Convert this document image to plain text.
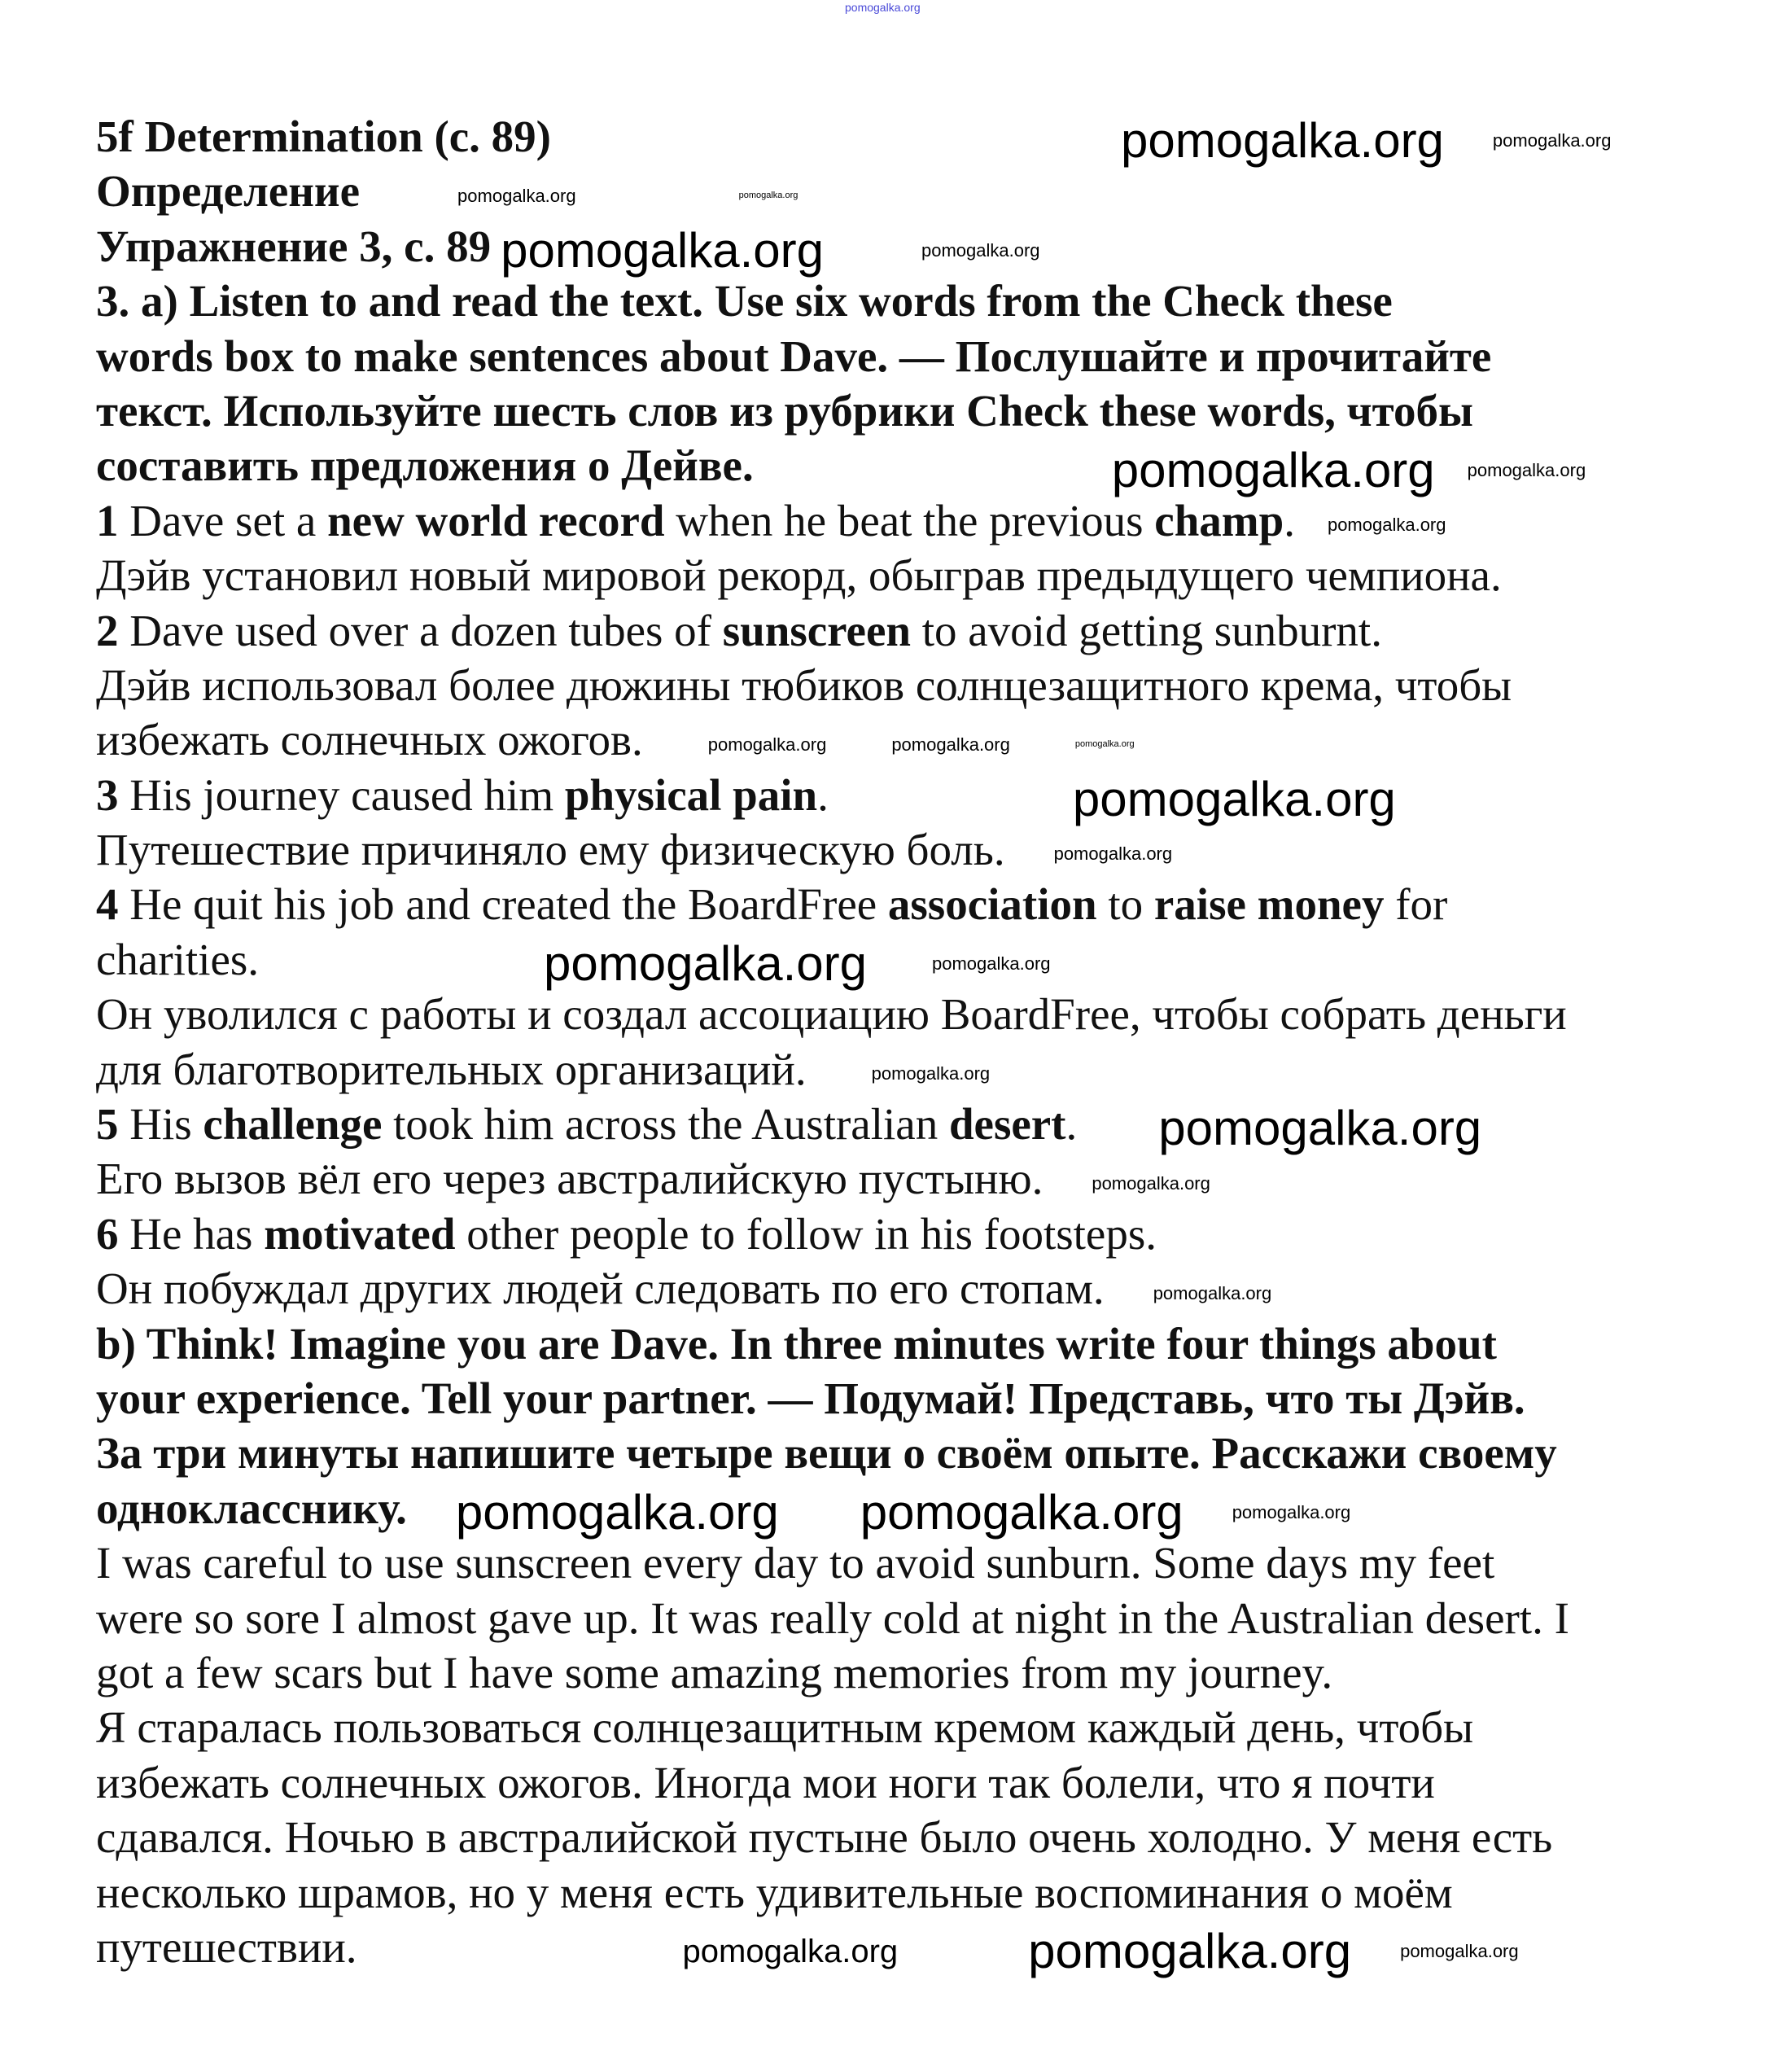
5f Determination (с. 89)	pomogalka.org	pomogalka.org
Определение	pomogalka.org	pomogalka.org
Упражнение 3, с. 89 pomogalka.org	pomogalka.org
3. a) Listen to and read the text. Use six words from the Check these
words box to make sentences about Dave. — Послушайте и прочитайте
текст. Используйте шесть слов из рубрики Check these words, чтобы
составить предложения о Дейве.	pomogalka.org pomogalka.org
1 Dave set a new world record when he beat the previous champ. pomogalka.org
Дэйв установил новый мировой рекорд, обыграв предыдущего чемпиона.
2 Dave used over a dozen tubes of sunscreen to avoid getting sunburnt.
Дэйв использовал более дюжины тюбиков солнцезащитного крема, чтобы
избежать солнечных ожогов.	pomogalka.org	pomogalka.org	pomogalka.org
3 His journey caused him physical pain.	pomogalka.org
Путешествие причиняло ему физическую боль.	pomogalka.org
4 He quit his job and created the BoardFree association to raise money for
charities.	pomogalka.org	pomogalka.org
Он уволился с работы и создал ассоциацию BoardFree, чтобы собрать деньги
для благотворительных организаций.	pomogalka.org
5 His challenge took him across the Australian desert. pomogalka.org
Его вызов вёл его через австралийскую пустыню.	pomogalka.org
6 He has motivated other people to follow in his footsteps.
Он побуждал других людей следовать по его стопам.	pomogalka.org
b) Think! Imagine you are Dave. In three minutes write four things about
your experience. Tell your partner. — Подумай! Представь, что ты Дэйв.
За три минуты напишите четыре вещи о своём опыте. Расскажи своему
однокласснику. pomogalka.org pomogalka.org	pomogalka.org
I was careful to use sunscreen every day to avoid sunburn. Some days my feet
were so sore I almost gave up. It was really cold at night in the Australian desert. I
got a few scars but I have some amazing memories from my journey.
Я старалась пользоваться солнцезащитным кремом каждый день, чтобы
избежать солнечных ожогов. Иногда мои ноги так болели, что я почти
сдавался. Ночью в австралийской пустыне было очень холодно. У меня есть
несколько шрамов, но у меня есть удивительные воспоминания о моём
путешествии.	pomogalka.org	pomogalka.org	pomogalka.org
pomogalka.org
